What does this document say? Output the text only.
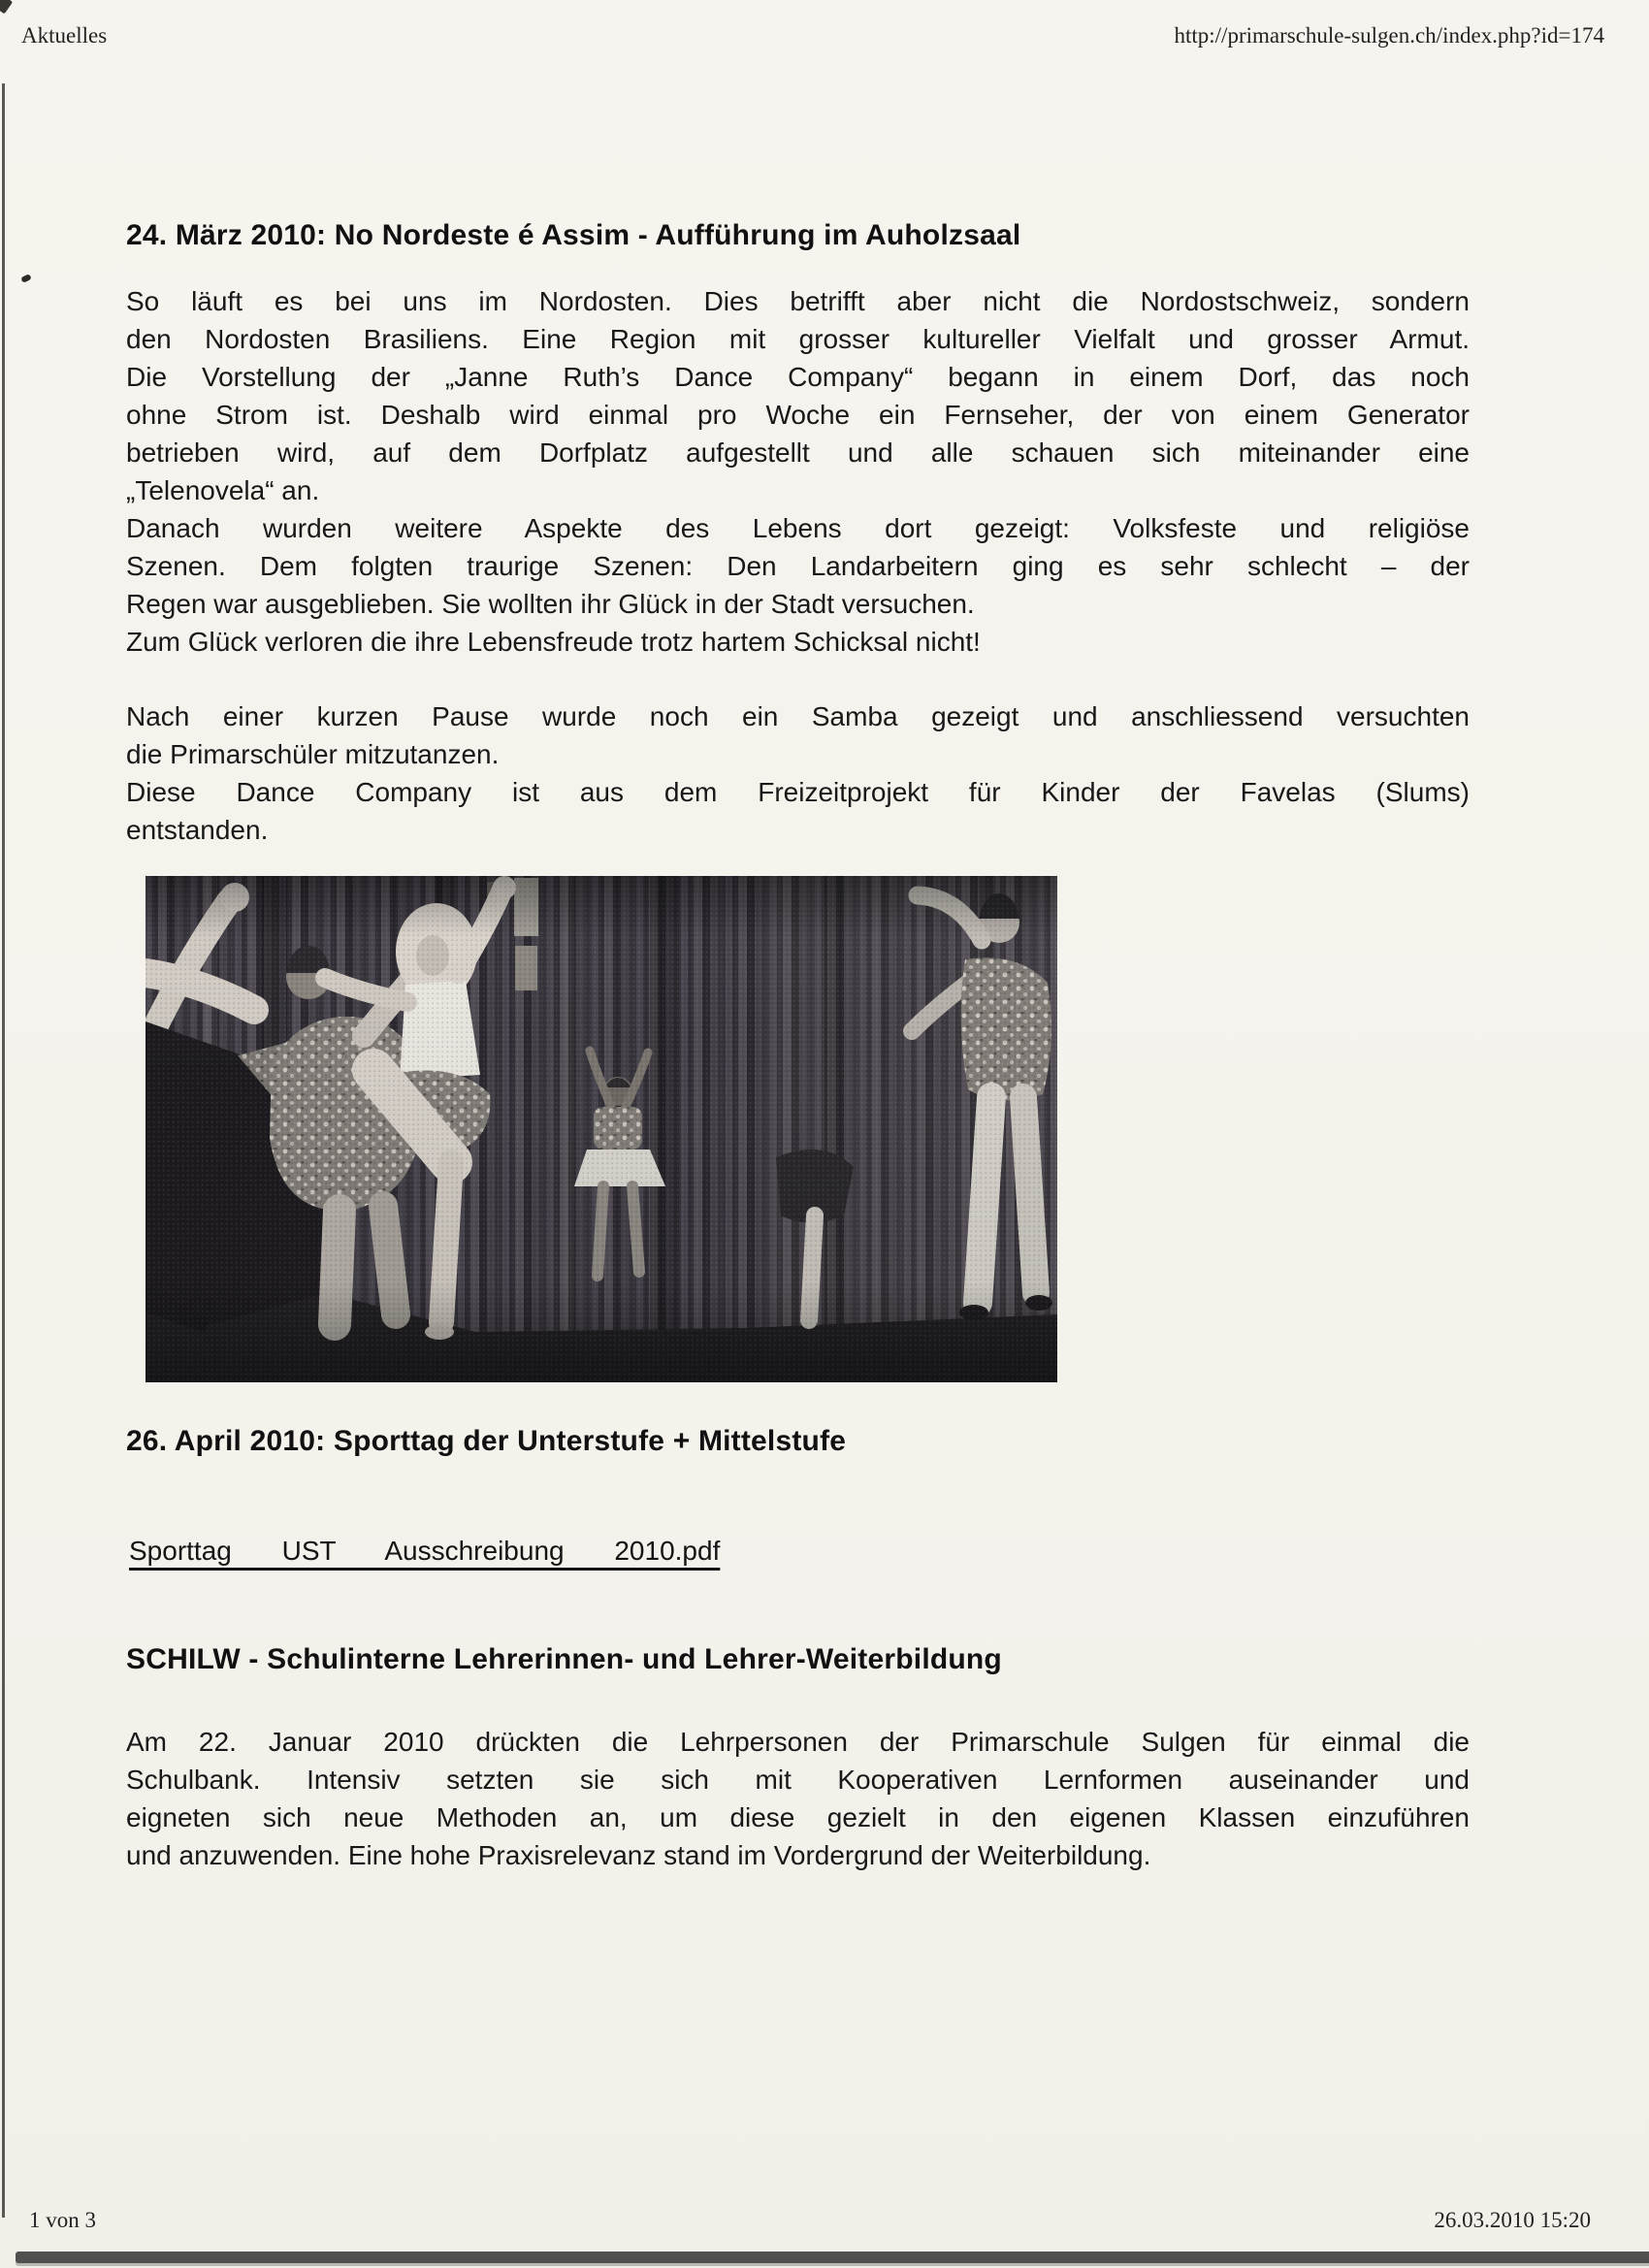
Aktuelles	http://primarschule-sulgen.ch/index.php?id=174
24. März 2010: No Nordeste é Assim - Aufführung im Auholzsaal
So läuft es bei uns im Nordosten. Dies betrifft aber nicht die Nordostschweiz, sondern
den Nordosten Brasiliens. Eine Region mit grosser kultureller Vielfalt und grosser Armut.
Die Vorstellung der „Janne Ruth’s Dance Company“ begann in einem Dorf, das noch
ohne Strom ist. Deshalb wird einmal pro Woche ein Fernseher, der von einem Generator
betrieben wird, auf dem Dorfplatz aufgestellt und alle schauen sich miteinander eine
„Telenovela“ an.
Danach wurden weitere Aspekte des Lebens dort gezeigt: Volksfeste und religiöse
Szenen. Dem folgten traurige Szenen: Den Landarbeitern ging es sehr schlecht – der
Regen war ausgeblieben. Sie wollten ihr Glück in der Stadt versuchen.
Zum Glück verloren die ihre Lebensfreude trotz hartem Schicksal nicht!
Nach einer kurzen Pause wurde noch ein Samba gezeigt und anschliessend versuchten
die Primarschüler mitzutanzen.
Diese Dance Company ist aus dem Freizeitprojekt für Kinder der Favelas (Slums)
entstanden.
26. April 2010: Sporttag der Unterstufe + Mittelstufe
Sporttag UST Ausschreibung 2010.pdf
SCHILW - Schulinterne Lehrerinnen- und Lehrer-Weiterbildung
Am 22. Januar 2010 drückten die Lehrpersonen der Primarschule Sulgen für einmal die
Schulbank. Intensiv setzten sie sich mit Kooperativen Lernformen auseinander und
eigneten sich neue Methoden an, um diese gezielt in den eigenen Klassen einzuführen
und anzuwenden. Eine hohe Praxisrelevanz stand im Vordergrund der Weiterbildung.
1 von 3	26.03.2010 15:20
